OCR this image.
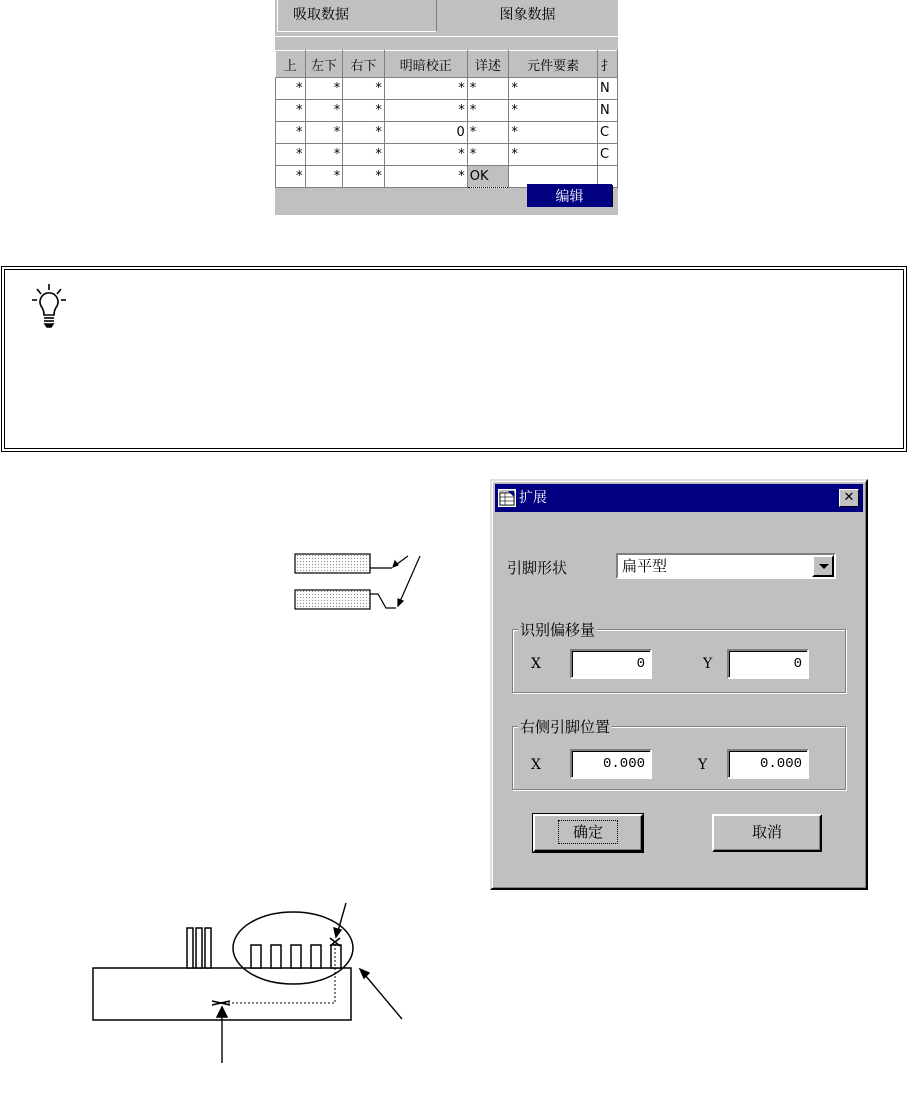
吸取数据	图象数据
上	左下	右下	明暗校正	详述	元件要素	扌
*	*	*	*	*	*	N
*	*	*	*	*	*	N
*	*	*	0	*	*	C
*	*	*	*	*	*	C
*	*	*	*	OK		
编辑
扩展	✕
引脚形状	扁平型
识别偏移量
X	0	Y	0
右侧引脚位置
X	0.000	Y	0.000
确定	取消
